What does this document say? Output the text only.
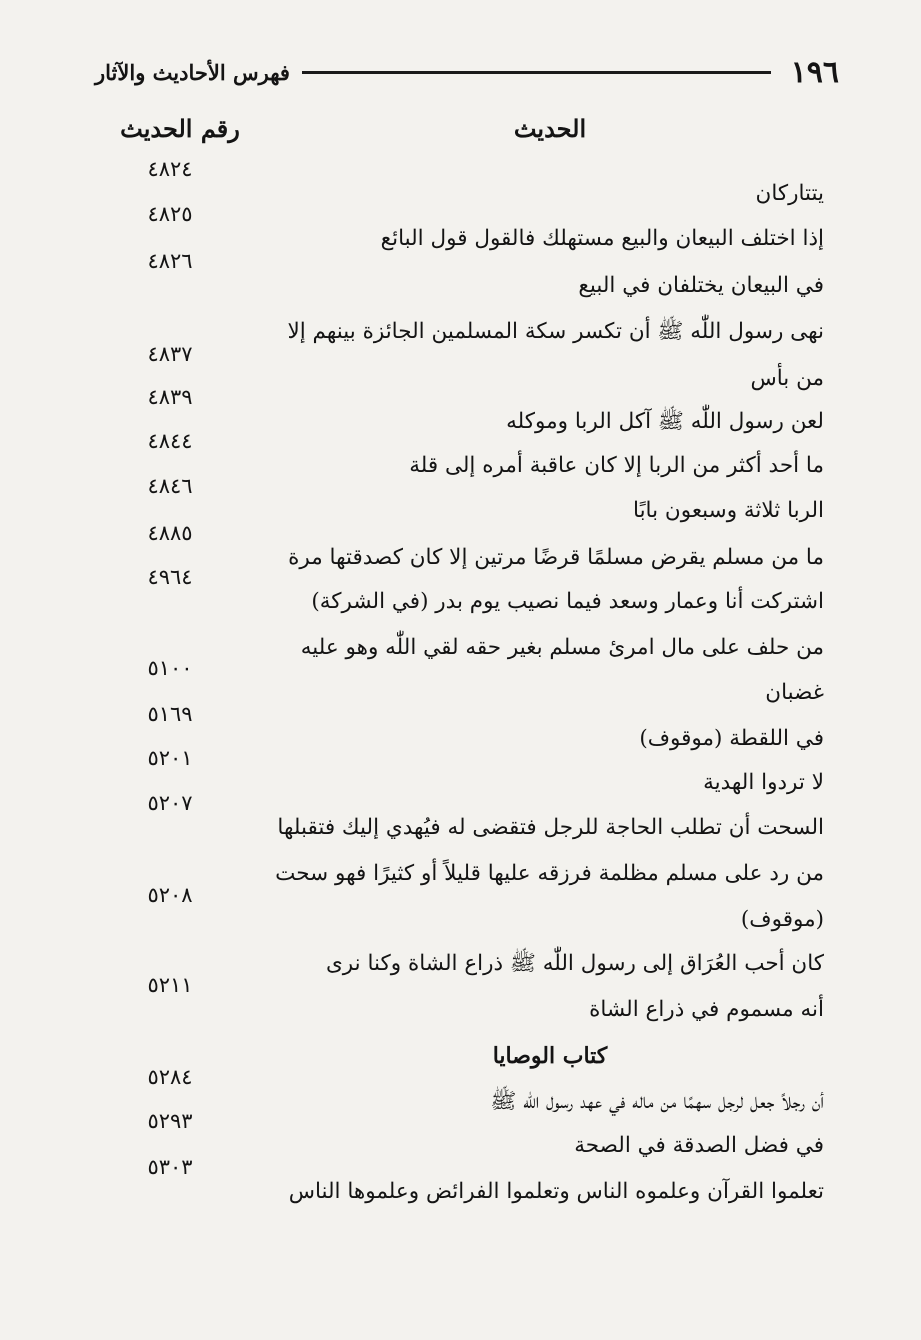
١٩٦
فهرس الأحاديث والآثار
الحديث
رقم الحديث
يتتاركان
٤٨٢٤
إذا اختلف البيعان والبيع مستهلك فالقول قول البائع
٤٨٢٥
في البيعان يختلفان في البيع
٤٨٢٦
نهى رسول اللّٰه ﷺ أن تكسر سكة المسلمين الجائزة بينهم إلا
من بأس
٤٨٣٧
لعن رسول اللّٰه ﷺ آكل الربا وموكله
٤٨٣٩
ما أحد أكثر من الربا إلا كان عاقبة أمره إلى قلة
٤٨٤٤
الربا ثلاثة وسبعون بابًا
٤٨٤٦
ما من مسلم يقرض مسلمًا قرضًا مرتين إلا كان كصدقتها مرة
٤٨٨٥
اشتركت أنا وعمار وسعد فيما نصيب يوم بدر (في الشركة)
٤٩٦٤
من حلف على مال امرئ مسلم بغير حقه لقي اللّٰه وهو عليه
غضبان
٥١٠٠
في اللقطة (موقوف)
٥١٦٩
لا تردوا الهدية
٥٢٠١
السحت أن تطلب الحاجة للرجل فتقضى له فيُهدي إليك فتقبلها
٥٢٠٧
من رد على مسلم مظلمة فرزقه عليها قليلاً أو كثيرًا فهو سحت
(موقوف)
٥٢٠٨
كان أحب العُرَاق إلى رسول اللّٰه ﷺ ذراع الشاة وكنا نرى
أنه مسموم في ذراع الشاة
٥٢١١
كتاب الوصايا
أن رجلاً جعل لرجل سهمًا من ماله في عهد رسول اللّٰه ﷺ
٥٢٨٤
في فضل الصدقة في الصحة
٥٢٩٣
تعلموا القرآن وعلموه الناس وتعلموا الفرائض وعلموها الناس
٥٣٠٣
